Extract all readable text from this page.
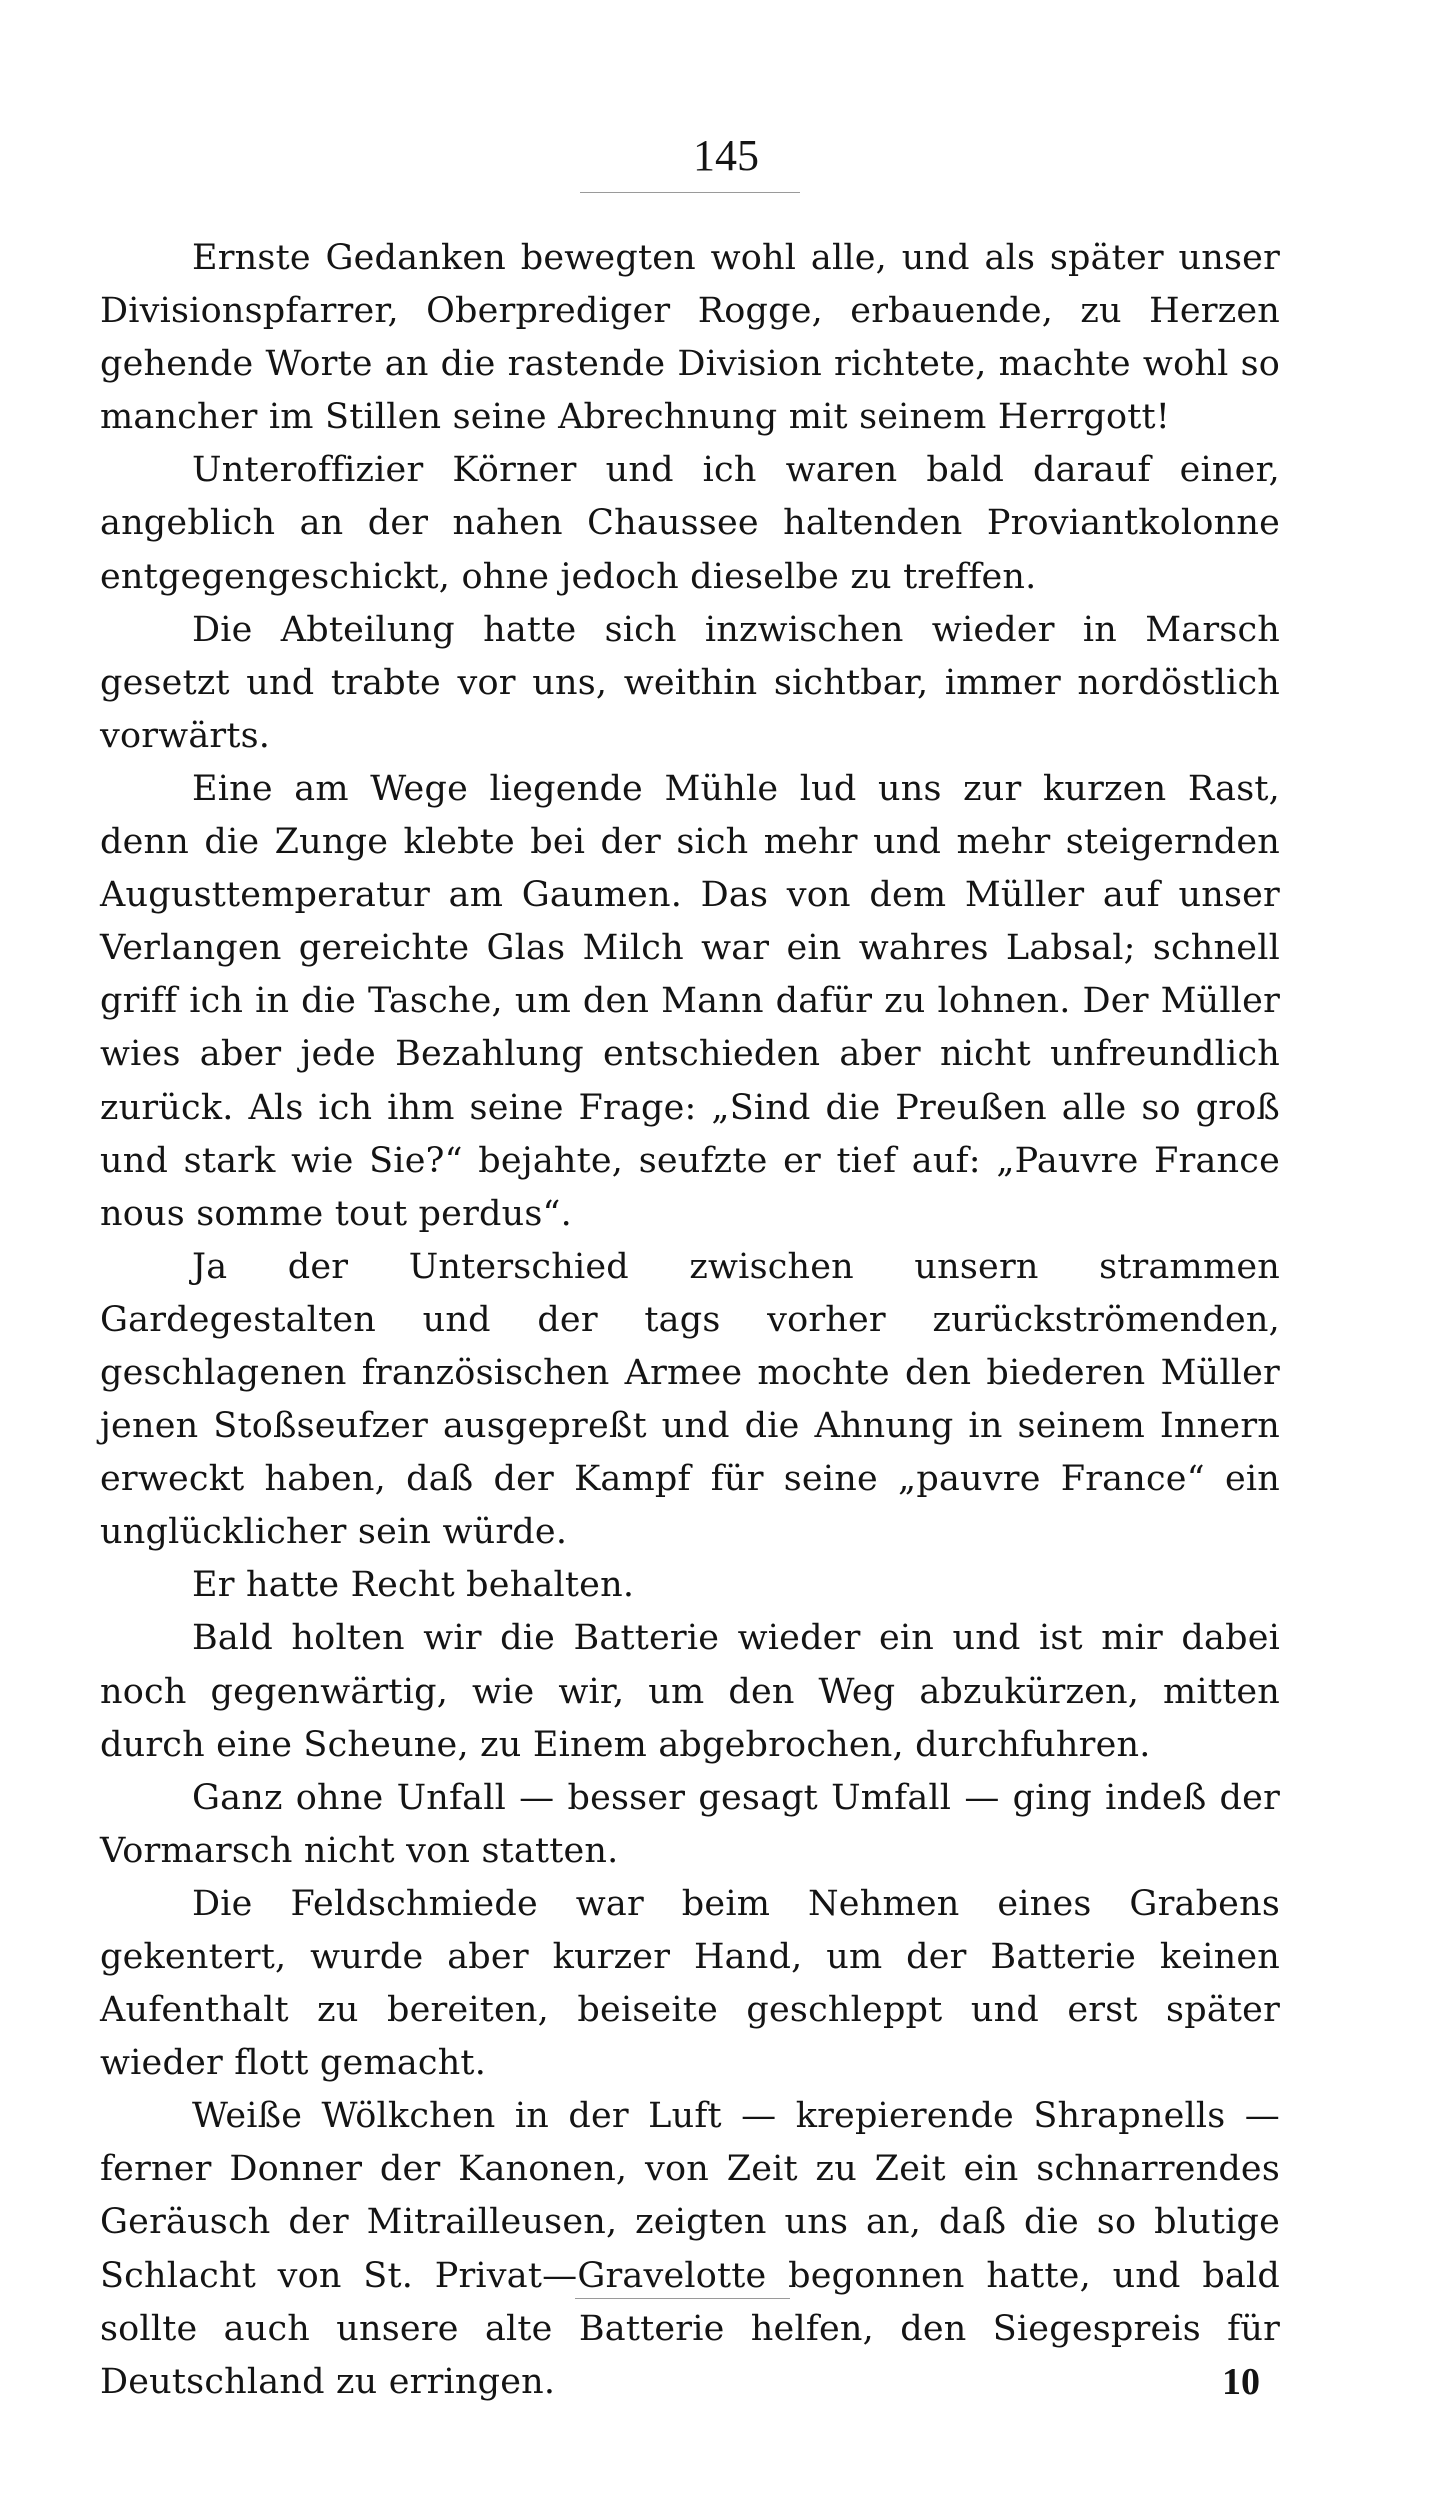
145

Ernste Gedanken bewegten wohl alle, und als später unser Divisionspfarrer, Oberprediger Rogge, erbauende, zu Herzen gehende Worte an die rastende Division richtete, machte wohl so mancher im Stillen seine Abrechnung mit seinem Herrgott!

Unteroffizier Körner und ich waren bald darauf einer, angeblich an der nahen Chaussee haltenden Proviantkolonne entgegengeschickt, ohne jedoch dieselbe zu treffen.

Die Abteilung hatte sich inzwischen wieder in Marsch gesetzt und trabte vor uns, weithin sichtbar, immer nordöstlich vorwärts.

Eine am Wege liegende Mühle lud uns zur kurzen Rast, denn die Zunge klebte bei der sich mehr und mehr steigernden Augusttemperatur am Gaumen. Das von dem Müller auf unser Verlangen gereichte Glas Milch war ein wahres Labsal; schnell griff ich in die Tasche, um den Mann dafür zu lohnen. Der Müller wies aber jede Bezahlung entschieden aber nicht unfreundlich zurück. Als ich ihm seine Frage: „Sind die Preußen alle so groß und stark wie Sie?“ bejahte, seufzte er tief auf: „Pauvre France nous somme tout perdus“.

Ja der Unterschied zwischen unsern strammen Gardegestalten und der tags vorher zurückströmenden, geschlagenen französischen Armee mochte den biederen Müller jenen Stoßseufzer ausgepreßt und die Ahnung in seinem Innern erweckt haben, daß der Kampf für seine „pauvre France“ ein unglücklicher sein würde.

Er hatte Recht behalten.

Bald holten wir die Batterie wieder ein und ist mir dabei noch gegenwärtig, wie wir, um den Weg abzukürzen, mitten durch eine Scheune, zu Einem abgebrochen, durchfuhren.

Ganz ohne Unfall — besser gesagt Umfall — ging indeß der Vormarsch nicht von statten.

Die Feldschmiede war beim Nehmen eines Grabens gekentert, wurde aber kurzer Hand, um der Batterie keinen Aufenthalt zu bereiten, beiseite geschleppt und erst später wieder flott gemacht.

Weiße Wölkchen in der Luft — krepierende Shrapnells — ferner Donner der Kanonen, von Zeit zu Zeit ein schnarrendes Geräusch der Mitrailleusen, zeigten uns an, daß die so blutige Schlacht von St. Privat—Gravelotte begonnen hatte, und bald sollte auch unsere alte Batterie helfen, den Siegespreis für Deutschland zu erringen.	10
